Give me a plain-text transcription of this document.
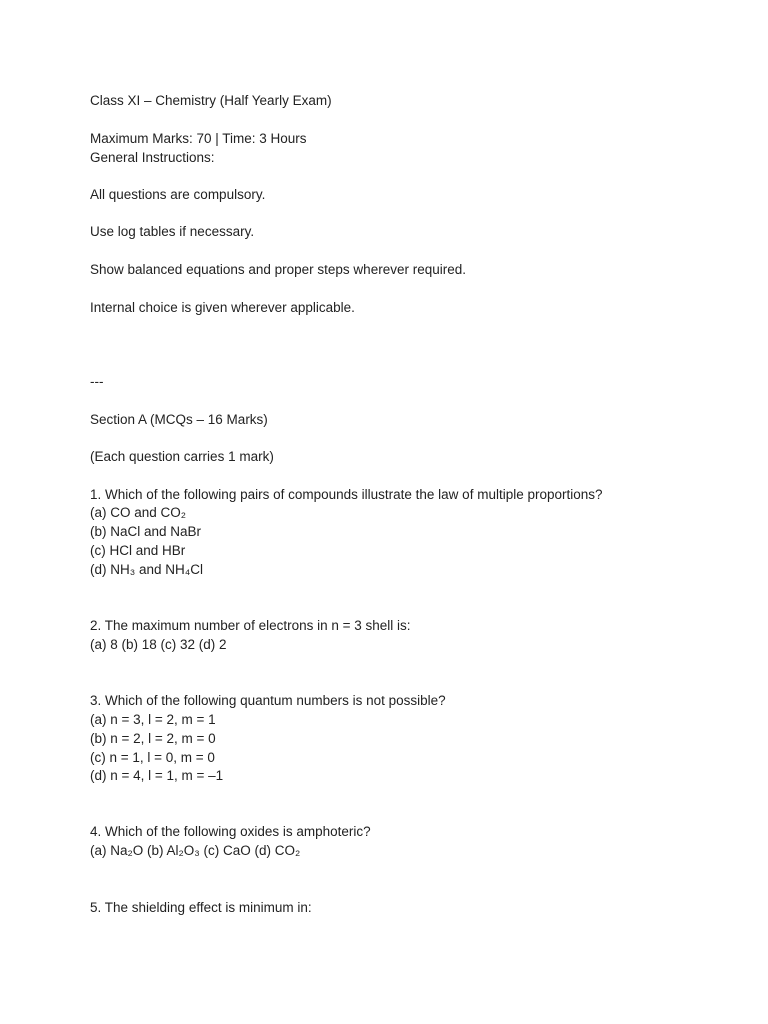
Class XI – Chemistry (Half Yearly Exam)
Maximum Marks: 70 | Time: 3 Hours
General Instructions:
All questions are compulsory.
Use log tables if necessary.
Show balanced equations and proper steps wherever required.
Internal choice is given wherever applicable.
---
Section A (MCQs – 16 Marks)
(Each question carries 1 mark)
1. Which of the following pairs of compounds illustrate the law of multiple proportions?
(a) CO and CO₂
(b) NaCl and NaBr
(c) HCl and HBr
(d) NH₃ and NH₄Cl
2. The maximum number of electrons in n = 3 shell is:
(a) 8 (b) 18 (c) 32 (d) 2
3. Which of the following quantum numbers is not possible?
(a) n = 3, l = 2, m = 1
(b) n = 2, l = 2, m = 0
(c) n = 1, l = 0, m = 0
(d) n = 4, l = 1, m = –1
4. Which of the following oxides is amphoteric?
(a) Na₂O (b) Al₂O₃ (c) CaO (d) CO₂
5. The shielding effect is minimum in:
